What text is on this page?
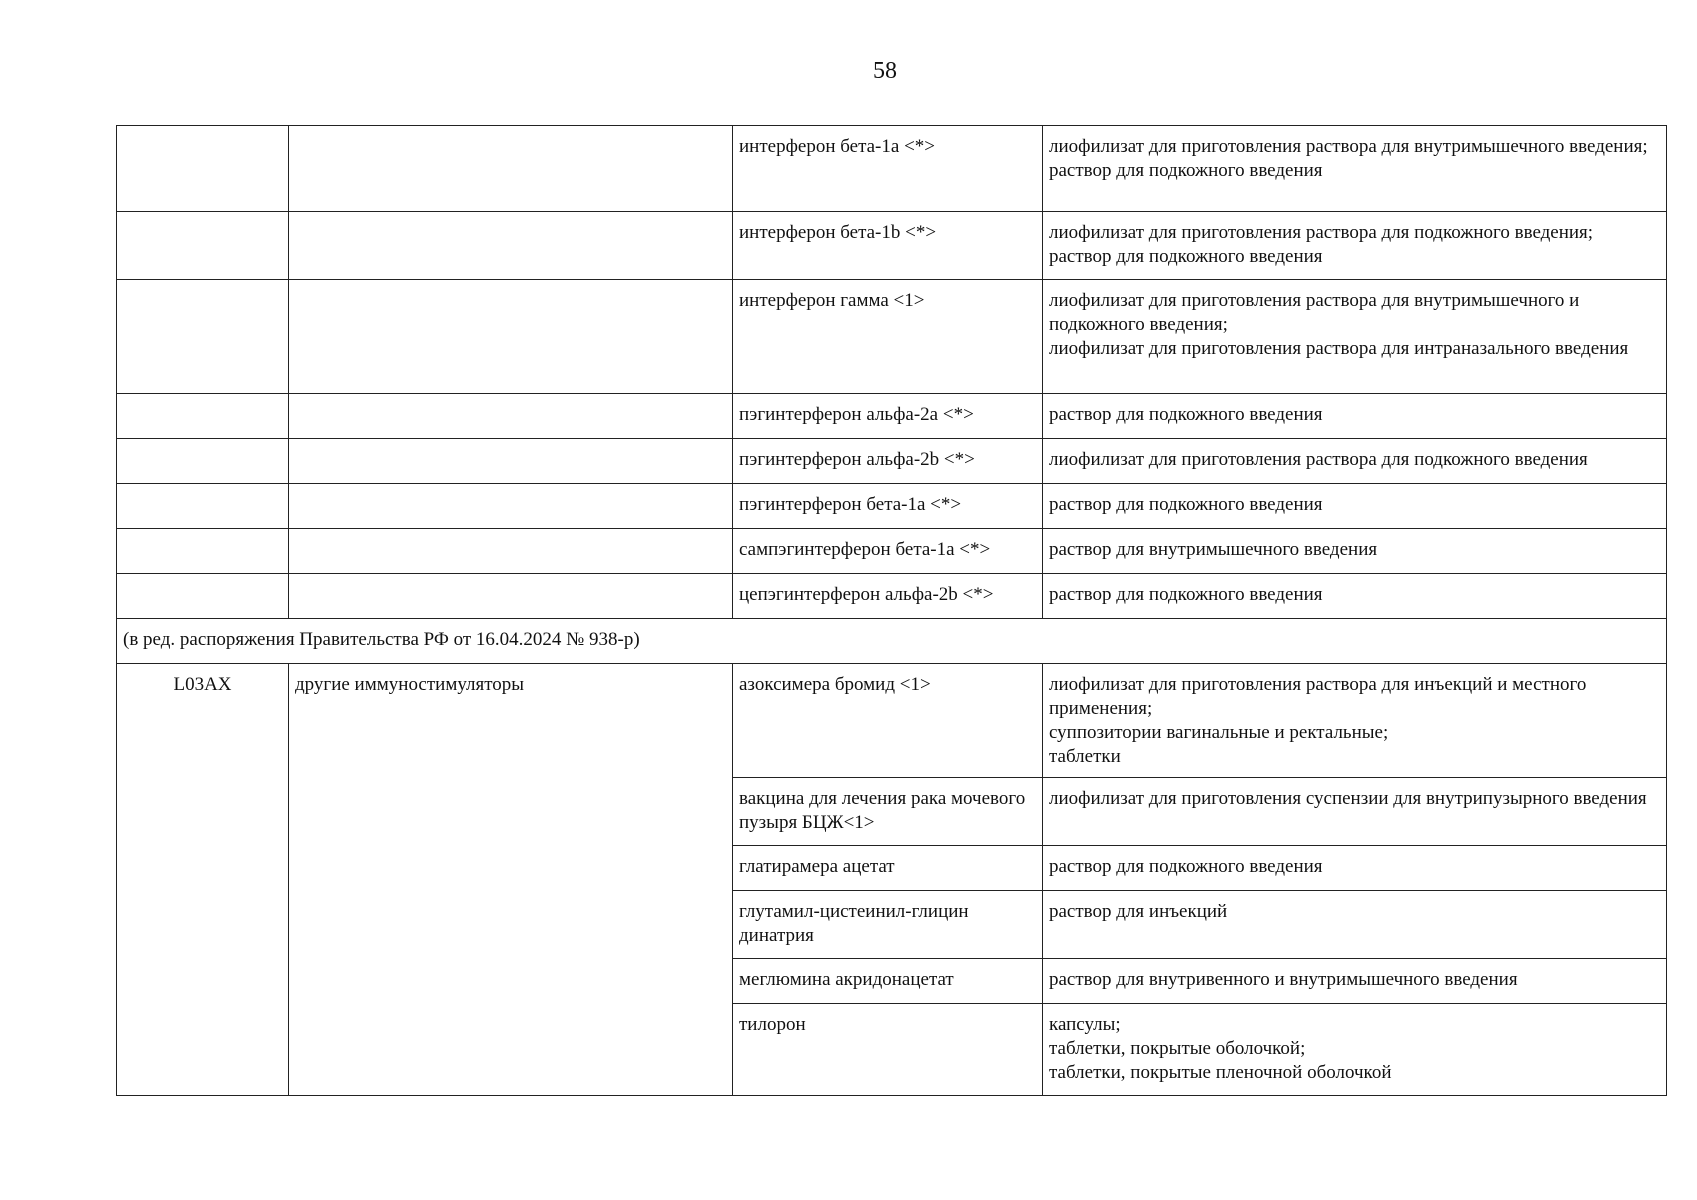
58
		интерферон бета-1a <*>	лиофилизат для приготовления раствора для внутримышечного введения;
раствор для подкожного введения

		интерферон бета-1b <*>	лиофилизат для приготовления раствора для подкожного введения;
раствор для подкожного введения

		интерферон гамма <1>	лиофилизат для приготовления раствора для внутримышечного и подкожного введения;
лиофилизат для приготовления раствора для интраназального введения

		пэгинтерферон альфа-2a <*>	раствор для подкожного введения

		пэгинтерферон альфа-2b <*>	лиофилизат для приготовления раствора для подкожного введения

		пэгинтерферон бета-1a <*>	раствор для подкожного введения

		сампэгинтерферон бета-1a <*>	раствор для внутримышечного введения

		цепэгинтерферон альфа-2b <*>	раствор для подкожного введения

(в ред. распоряжения Правительства РФ от 16.04.2024 № 938-р)			
L03AX	другие иммуностимуляторы	азоксимера бромид <1>	лиофилизат для приготовления раствора для инъекций и местного применения;
суппозитории вагинальные и ректальные;
таблетки

		вакцина для лечения рака мочевого пузыря БЦЖ<1>	лиофилизат для приготовления суспензии для внутрипузырного введения

		глатирамера ацетат	раствор для подкожного введения

		глутамил-цистеинил-глицин динатрия	раствор для инъекций

		меглюмина акридонацетат	раствор для внутривенного и внутримышечного введения

		тилорон	капсулы;
таблетки, покрытые оболочкой;
таблетки, покрытые пленочной оболочкой
